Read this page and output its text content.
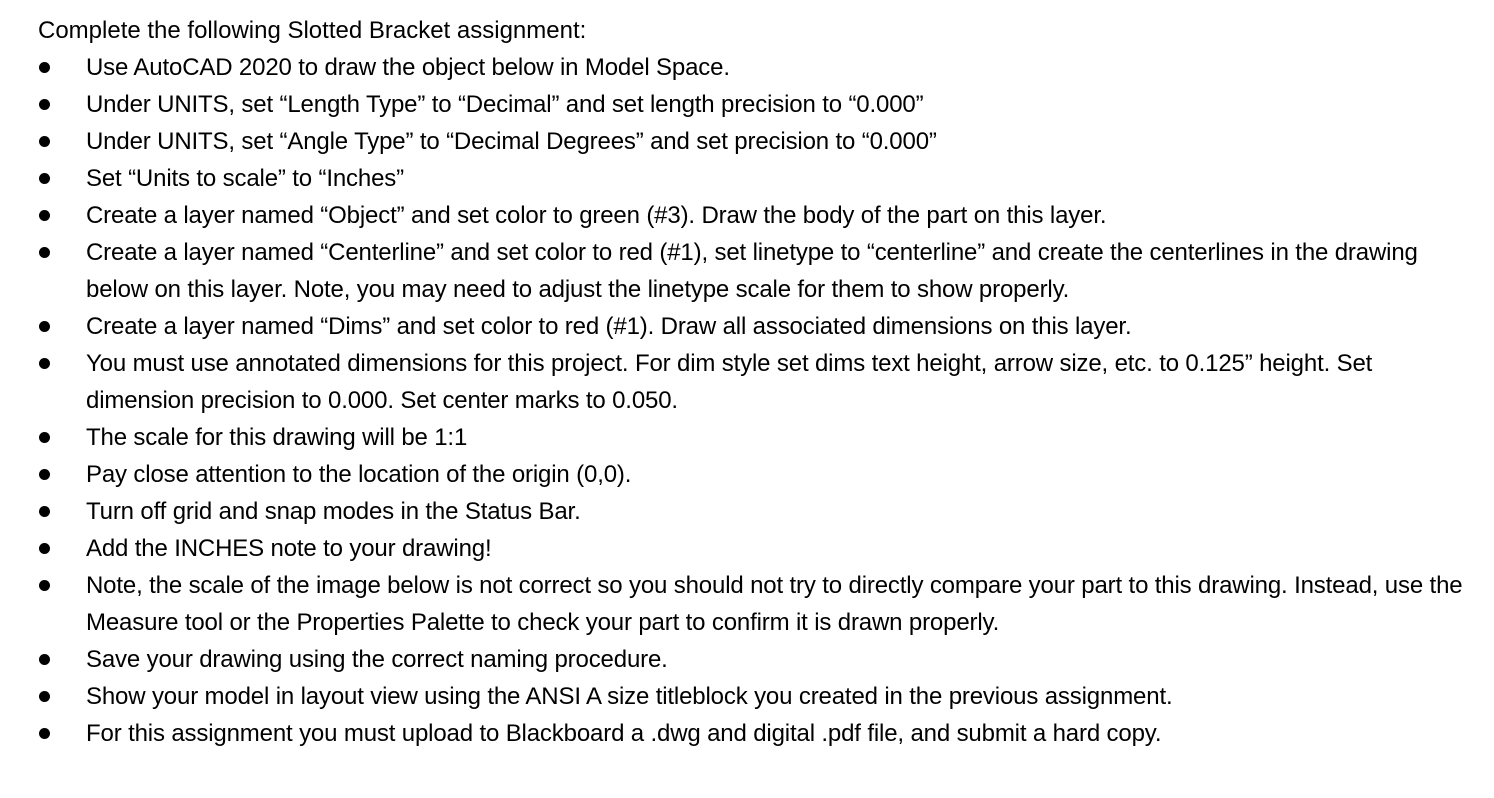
Complete the following Slotted Bracket assignment:

Use AutoCAD 2020 to draw the object below in Model Space.
Under UNITS, set “Length Type” to “Decimal” and set length precision to “0.000”
Under UNITS, set “Angle Type” to “Decimal Degrees” and set precision to “0.000”
Set “Units to scale” to “Inches”
Create a layer named “Object” and set color to green (#3). Draw the body of the part on this layer.
Create a layer named “Centerline” and set color to red (#1), set linetype to “centerline” and create the centerlines in the drawing below on this layer. Note, you may need to adjust the linetype scale for them to show properly.
Create a layer named “Dims” and set color to red (#1). Draw all associated dimensions on this layer.
You must use annotated dimensions for this project. For dim style set dims text height, arrow size, etc. to 0.125” height. Set dimension precision to 0.000. Set center marks to 0.050.
The scale for this drawing will be 1:1
Pay close attention to the location of the origin (0,0).
Turn off grid and snap modes in the Status Bar.
Add the INCHES note to your drawing!
Note, the scale of the image below is not correct so you should not try to directly compare your part to this drawing. Instead, use the Measure tool or the Properties Palette to check your part to confirm it is drawn properly.
Save your drawing using the correct naming procedure.
Show your model in layout view using the ANSI A size titleblock you created in the previous assignment.
For this assignment you must upload to Blackboard a .dwg and digital .pdf file, and submit a hard copy.
